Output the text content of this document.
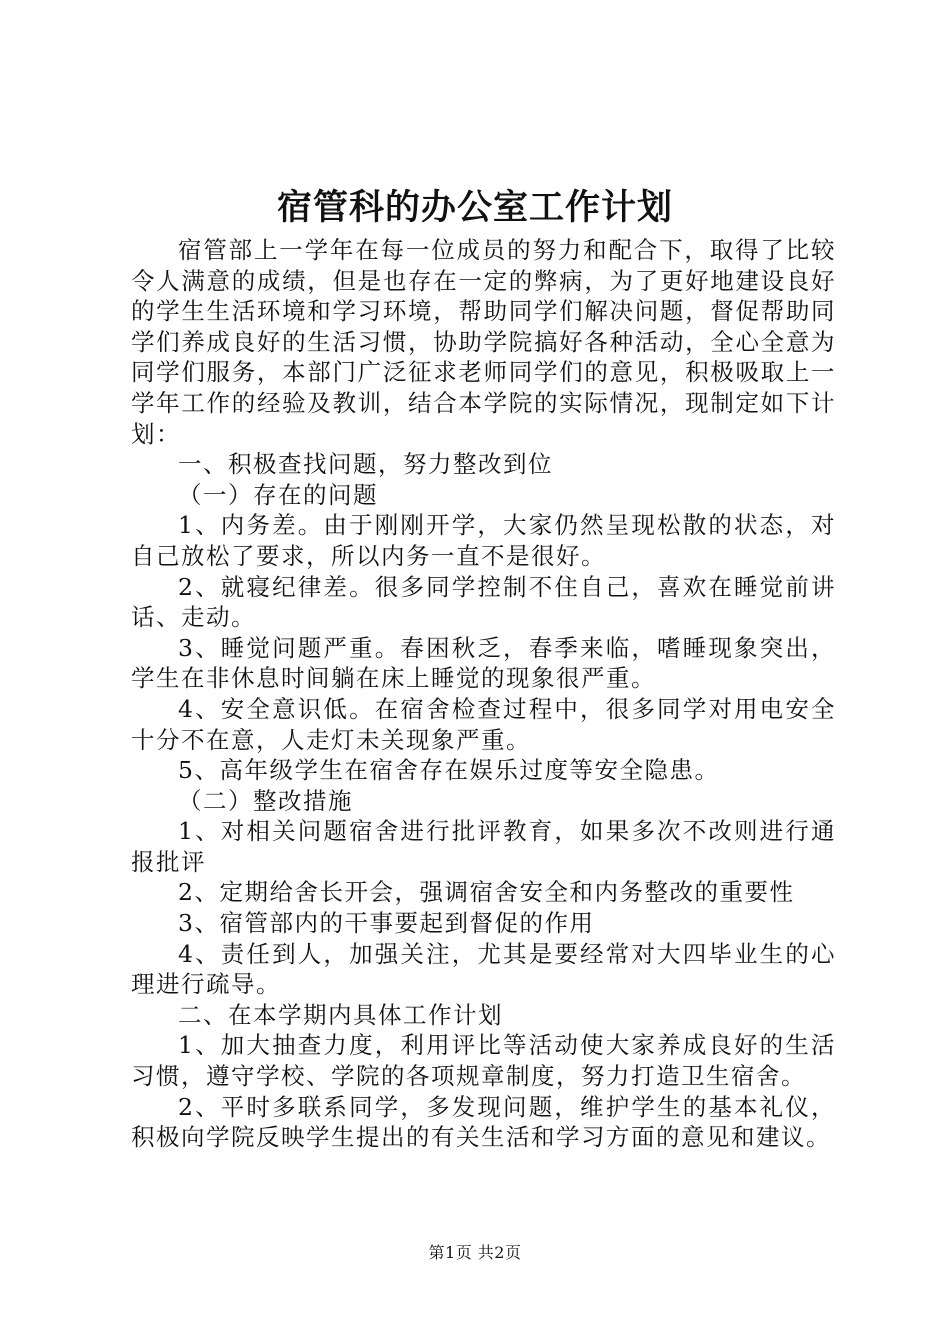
宿管科的办公室工作计划

宿管部上一学年在每一位成员的努力和配合下，取得了比较令人满意的成绩，但是也存在一定的弊病，为了更好地建设良好的学生生活环境和学习环境，帮助同学们解决问题，督促帮助同学们养成良好的生活习惯，协助学院搞好各种活动，全心全意为同学们服务，本部门广泛征求老师同学们的意见，积极吸取上一学年工作的经验及教训，结合本学院的实际情况，现制定如下计划：

一、积极查找问题，努力整改到位

（一）存在的问题

1、内务差。由于刚刚开学，大家仍然呈现松散的状态，对自己放松了要求，所以内务一直不是很好。

2、就寝纪律差。很多同学控制不住自己，喜欢在睡觉前讲话、走动。

3、睡觉问题严重。春困秋乏，春季来临，嗜睡现象突出，学生在非休息时间躺在床上睡觉的现象很严重。

4、安全意识低。在宿舍检查过程中，很多同学对用电安全十分不在意，人走灯未关现象严重。

5、高年级学生在宿舍存在娱乐过度等安全隐患。

（二）整改措施

1、对相关问题宿舍进行批评教育，如果多次不改则进行通报批评

2、定期给舍长开会，强调宿舍安全和内务整改的重要性

3、宿管部内的干事要起到督促的作用

4、责任到人，加强关注，尤其是要经常对大四毕业生的心理进行疏导。

二、在本学期内具体工作计划

1、加大抽查力度，利用评比等活动使大家养成良好的生活习惯，遵守学校、学院的各项规章制度，努力打造卫生宿舍。

2、平时多联系同学，多发现问题，维护学生的基本礼仪，积极向学院反映学生提出的有关生活和学习方面的意见和建议。

第1页 共2页
